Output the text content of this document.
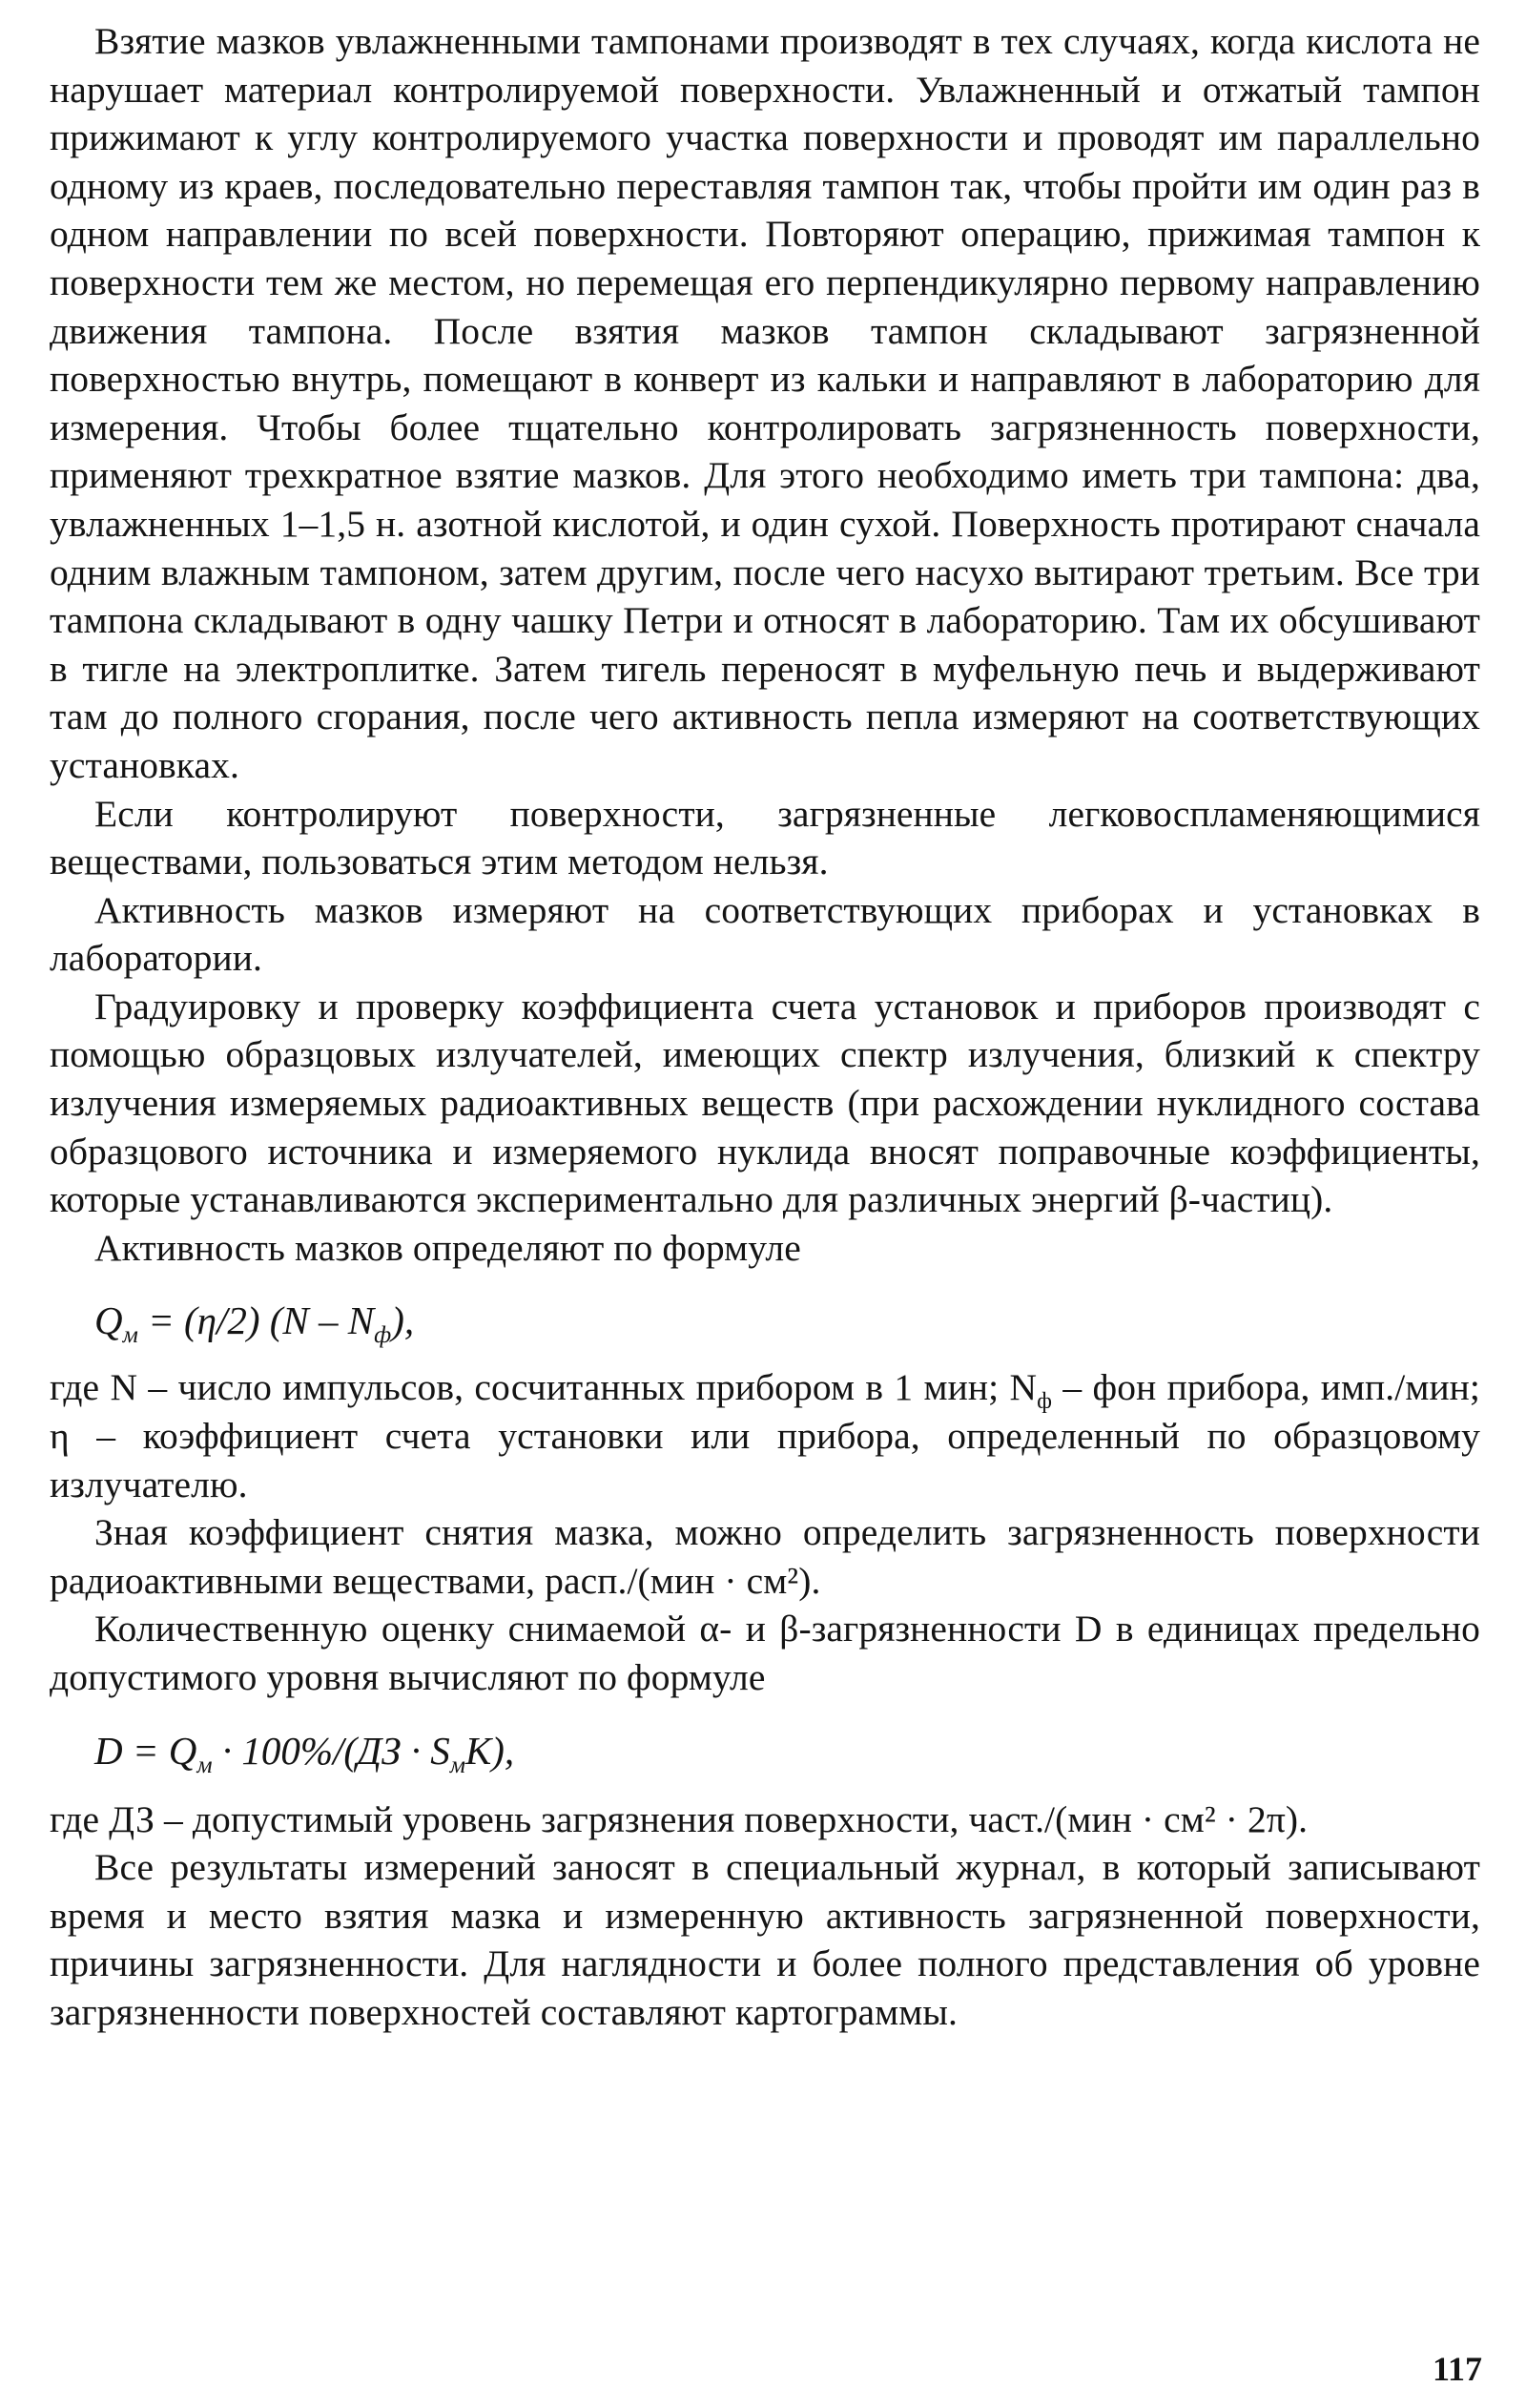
Взятие мазков увлажненными тампонами производят в тех случаях, когда кислота не нарушает материал контролируемой поверхности. Увлажненный и отжатый тампон прижимают к углу контролируемого участка поверхности и проводят им параллельно одному из краев, последовательно переставляя тампон так, чтобы пройти им один раз в одном направлении по всей поверхности. Повторяют операцию, прижимая тампон к поверхности тем же местом, но перемещая его перпендикулярно первому направлению движения тампона. После взятия мазков тампон складывают загрязненной поверхностью внутрь, помещают в конверт из кальки и направляют в лабораторию для измерения. Чтобы более тщательно контролировать загрязненность поверхности, применяют трехкратное взятие мазков. Для этого необходимо иметь три тампона: два, увлажненных 1–1,5 н. азотной кислотой, и один сухой. Поверхность протирают сначала одним влажным тампоном, затем другим, после чего насухо вытирают третьим. Все три тампона складывают в одну чашку Петри и относят в лабораторию. Там их обсушивают в тигле на электроплитке. Затем тигель переносят в муфельную печь и выдерживают там до полного сгорания, после чего активность пепла измеряют на соответствующих установках.

Если контролируют поверхности, загрязненные легковоспламеняющимися веществами, пользоваться этим методом нельзя.

Активность мазков измеряют на соответствующих приборах и установках в лаборатории.

Градуировку и проверку коэффициента счета установок и приборов производят с помощью образцовых излучателей, имеющих спектр излучения, близкий к спектру излучения измеряемых радиоактивных веществ (при расхождении нуклидного состава образцового источника и измеряемого нуклида вносят поправочные коэффициенты, которые устанавливаются экспериментально для различных энергий β-частиц).

Активность мазков определяют по формуле

$Q_м = (\eta/2)$ $(N - N_ф)$,

где N – число импульсов, сосчитанных прибором в 1 мин; $N_ф$ – фон прибора, имп./мин; η – коэффициент счета установки или прибора, определенный по образцовому излучателю.

Зная коэффициент снятия мазка, можно определить загрязненность поверхности радиоактивными веществами, расп./(мин · см²).

Количественную оценку снимаемой α- и β-загрязненности D в единицах предельно допустимого уровня вычисляют по формуле

$D = Q_м \cdot 100\%/(ДЗ \cdot S_мK)$,

где ДЗ – допустимый уровень загрязнения поверхности, част./(мин · см² · 2π).

Все результаты измерений заносят в специальный журнал, в который записывают время и место взятия мазка и измеренную активность загрязненной поверхности, причины загрязненности. Для наглядности и более полного представления об уровне загрязненности поверхностей составляют картограммы.

117
